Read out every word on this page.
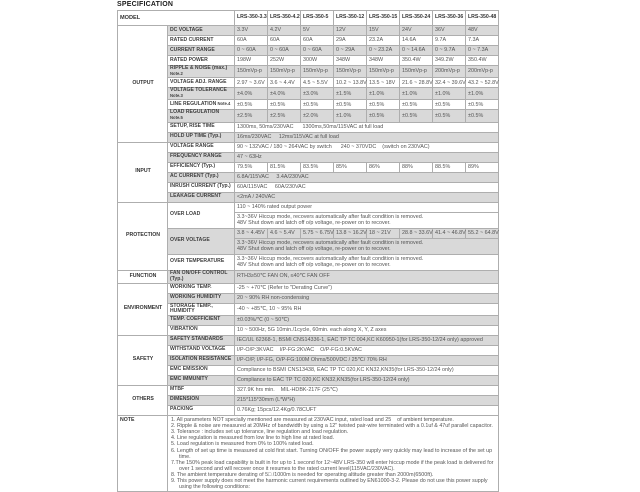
SPECIFICATION
MODEL		LRS-350-3.3	LRS-350-4.2	LRS-350-5	LRS-350-12	LRS-350-15	LRS-350-24	LRS-350-36	LRS-350-48
OUTPUT	DC VOLTAGE	3.3V	4.2V	5V	12V	15V	24V	36V	48V
	RATED CURRENT	60A	60A	60A	29A	23.2A	14.6A	9.7A	7.3A
	CURRENT RANGE	0 ~ 60A	0 ~ 60A	0 ~ 60A	0 ~ 29A	0 ~ 23.2A	0 ~ 14.6A	0 ~ 9.7A	0 ~ 7.3A
	RATED POWER	198W	252W	300W	348W	348W	350.4W	349.2W	350.4W
	RIPPLE & NOISE (max.) Note.2	150mVp-p	150mVp-p	150mVp-p	150mVp-p	150mVp-p	150mVp-p	200mVp-p	200mVp-p
	VOLTAGE ADJ. RANGE	2.97 ~ 3.6V	3.6 ~ 4.4V	4.5 ~ 5.5V	10.2 ~ 13.8V	13.5 ~ 18V	21.6 ~ 28.8V	32.4 ~ 39.6V	43.2 ~ 52.8V
	VOLTAGE TOLERANCE Note.3	±4.0%	±4.0%	±3.0%	±1.5%	±1.0%	±1.0%	±1.0%	±1.0%
	LINE REGULATION Note.4	±0.5%	±0.5%	±0.5%	±0.5%	±0.5%	±0.5%	±0.5%	±0.5%
	LOAD REGULATION Note.5	±2.5%	±2.5%	±2.0%	±1.0%	±0.5%	±0.5%	±0.5%	±0.5%
	SETUP, RISE TIME	1300ms, 50ms/230VAC      1300ms,50ms/115VAC at full load							
	HOLD UP TIME (Typ.)	16ms/230VAC     12ms/115VAC at full load							
INPUT	VOLTAGE RANGE	90 ~ 132VAC / 180 ~ 264VAC by switch      240 ~ 370VDC    (switch on 230VAC)							
	FREQUENCY RANGE	47 ~ 63Hz							
	EFFICIENCY (Typ.)	79.5%	81.5%	83.5%	85%	86%	88%	88.5%	89%
	AC CURRENT (Typ.)	6.8A/115VAC     3.4A/230VAC							
	INRUSH CURRENT (Typ.)	60A/115VAC     60A/230VAC							
	LEAKAGE CURRENT	<2mA / 240VAC							
PROTECTION	OVER LOAD	110 ~ 140% rated output power							

		3.3~36V Hiccup mode, recovers automatically after fault condition is removed.
48V Shut down and latch off o/p voltage, re-power on to recover.							

	OVER VOLTAGE	3.8 ~ 4.45V	4.6 ~ 5.4V	5.75 ~ 6.75V	13.8 ~ 16.2V	18 ~ 21V	28.8 ~ 33.6V	41.4 ~ 46.8V	55.2 ~ 64.8V

		3.3~36V Hiccup mode, recovers automatically after fault condition is removed.
48V Shut down and latch off o/p voltage, re-power on to recover.							

	OVER TEMPERATURE	3.3~36V Hiccup mode, recovers automatically after fault condition is removed.
48V Shut down and latch off o/p voltage, re-power on to recover.							

FUNCTION	FAN ON/OFF CONTROL (Typ.)	RTH3≥50℃ FAN ON, ≤40℃ FAN OFF							
ENVIRONMENT	WORKING TEMP.	-25 ~ +70℃ (Refer to "Derating Curve")							
	WORKING HUMIDITY	20 ~ 90% RH non-condensing							
	STORAGE TEMP., HUMIDITY	-40 ~ +85℃, 10 ~ 95% RH							
	TEMP. COEFFICIENT	±0.03%/℃ (0 ~ 50℃)							
	VIBRATION	10 ~ 500Hz, 5G 10min./1cycle, 60min. each along X, Y, Z axes							
SAFETY	SAFETY STANDARDS	IEC/UL 62368-1, BSMI CNS14336-1, EAC TP TC 004,KC K60950-1(for LRS-350-12/24 only) approved							
	WITHSTAND VOLTAGE	I/P-O/P:3KVAC    I/P-FG:2KVAC    O/P-FG:0.5KVAC							
	ISOLATION RESISTANCE	I/P-O/P, I/P-FG, O/P-FG:100M Ohms/500VDC / 25℃/ 70% RH							
	EMC EMISSION	Compliance to BSMI CNS13438, EAC TP TC 020,KC KN32,KN35(for LRS-350-12/24 only)							
	EMC IMMUNITY	Compliance to EAC TP TC 020,KC KN32,KN35(for LRS-350-12/24 only)							
OTHERS	MTBF	327.9K hrs min.    MIL-HDBK-217F (25℃)							
	DIMENSION	215*115*30mm (L*W*H)							
	PACKING	0.76Kg; 15pcs/12.4Kg/0.78CUFT							
NOTE	1. All parameters NOT specially mentioned are measured at 230VAC input, rated load and 25    of ambient temperature.
2. Ripple & noise are measured at 20MHz of bandwidth by using a 12" twisted pair-wire terminated with a 0.1uf & 47uf parallel capacitor.
3. Tolerance : includes set up tolerance, line regulation and load regulation.
4. Line regulation is measured from low line to high line at rated load.
5. Load regulation is measured from 0% to 100% rated load.
6. Length of set up time is measured at cold first start. Turning ON/OFF the power supply very quickly may lead to increase of the set up time.
7.The 150% peak load capability is built in for up to 1 second for 12~48V LRS-350 will enter hiccup mode if the peak load is delivered for over 1 second and will recover once it resumes to the rated current level(115VAC/230VAC).
8. The ambient temperature derating of 5□ /1000m is needed for operating altitude greater than 2000m(6500ft).
9. This power supply does not meet the harmonic current requirements outlined by EN61000-3-2. Please do not use this power supply using the following conditions:
